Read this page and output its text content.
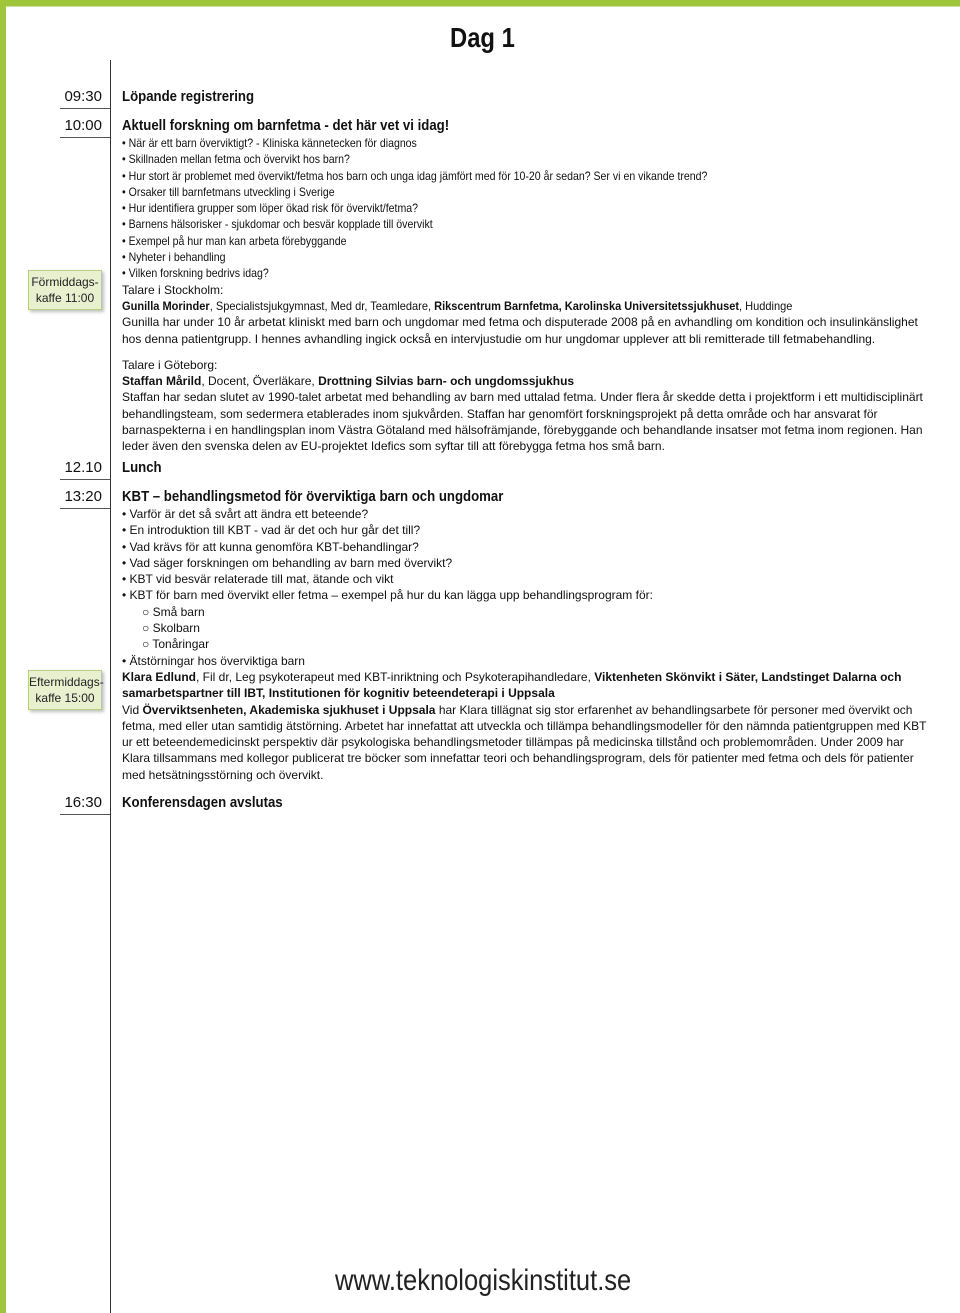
Dag 1
09:30
10:00
12.10
13:20
16:30
Förmiddags-
kaffe 11:00
Eftermiddags-
kaffe 15:00
Löpande registrering
Aktuell forskning om barnfetma - det här vet vi idag!

• När är ett barn överviktigt? - Kliniska kännetecken för diagnos

• Skillnaden mellan fetma och övervikt hos barn?

• Hur stort är problemet med övervikt/fetma hos barn och unga idag jämfört med för 10-20 år sedan? Ser vi en vikande trend?

• Orsaker till barnfetmans utveckling i Sverige

• Hur identifiera grupper som löper ökad risk för övervikt/fetma?

• Barnens hälsorisker - sjukdomar och besvär kopplade till övervikt

• Exempel på hur man kan arbeta förebyggande

• Nyheter i behandling

• Vilken forskning bedrivs idag?

Talare i Stockholm:

Gunilla Morinder, Specialistsjukgymnast, Med dr, Teamledare, Rikscentrum Barnfetma, Karolinska Universitetssjukhuset, Huddinge

Gunilla har under 10 år arbetat kliniskt med barn och ungdomar med fetma och disputerade 2008 på en avhandling om kondition och insulinkänslighet hos denna patientgrupp. I hennes avhandling ingick också en intervjustudie om hur ungdomar upplever att bli remitterade till fetmabehandling.

Talare i Göteborg:

Staffan Mårild, Docent, Överläkare, Drottning Silvias barn- och ungdomssjukhus

Staffan har sedan slutet av 1990-talet arbetat med behandling av barn med uttalad fetma. Under flera år skedde detta i projektform i ett multidisciplinärt behandlingsteam, som sedermera etablerades inom sjukvården. Staffan har genomfört forskningsprojekt på detta område och har ansvarat för barnaspekterna i en handlingsplan inom Västra Götaland med hälsofrämjande, förebyggande och behandlande insatser mot fetma inom regionen. Han leder även den svenska delen av EU-projektet Idefics som syftar till att förebygga fetma hos små barn.

Lunch
KBT – behandlingsmetod för överviktiga barn och ungdomar

• Varför är det så svårt att ändra ett beteende?

• En introduktion till KBT - vad är det och hur går det till?

• Vad krävs för att kunna genomföra KBT-behandlingar?

• Vad säger forskningen om behandling av barn med övervikt?

• KBT vid besvär relaterade till mat, ätande och vikt

• KBT för barn med övervikt eller fetma – exempel på hur du kan lägga upp behandlingsprogram för:

○ Små barn

○ Skolbarn

○ Tonåringar

• Ätstörningar hos överviktiga barn

Klara Edlund, Fil dr, Leg psykoterapeut med KBT-inriktning och Psykoterapihandledare, Viktenheten Skönvikt i Säter, Landstinget Dalarna och samarbetspartner till IBT, Institutionen för kognitiv beteendeterapi i Uppsala

Vid Överviktsenheten, Akademiska sjukhuset i Uppsala har Klara tillägnat sig stor erfarenhet av behandlingsarbete för personer med övervikt och fetma, med eller utan samtidig ätstörning. Arbetet har innefattat att utveckla och tillämpa behandlingsmodeller för den nämnda patientgruppen med KBT ur ett beteendemedicinskt perspektiv där psykologiska behandlingsmetoder tillämpas på medicinska tillstånd och problemområden. Under 2009 har Klara tillsammans med kollegor publicerat tre böcker som innefattar teori och behandlingsprogram, dels för patienter med fetma och dels för patienter med hetsätningsstörning och övervikt.

Konferensdagen avslutas
www.teknologiskinstitut.se
